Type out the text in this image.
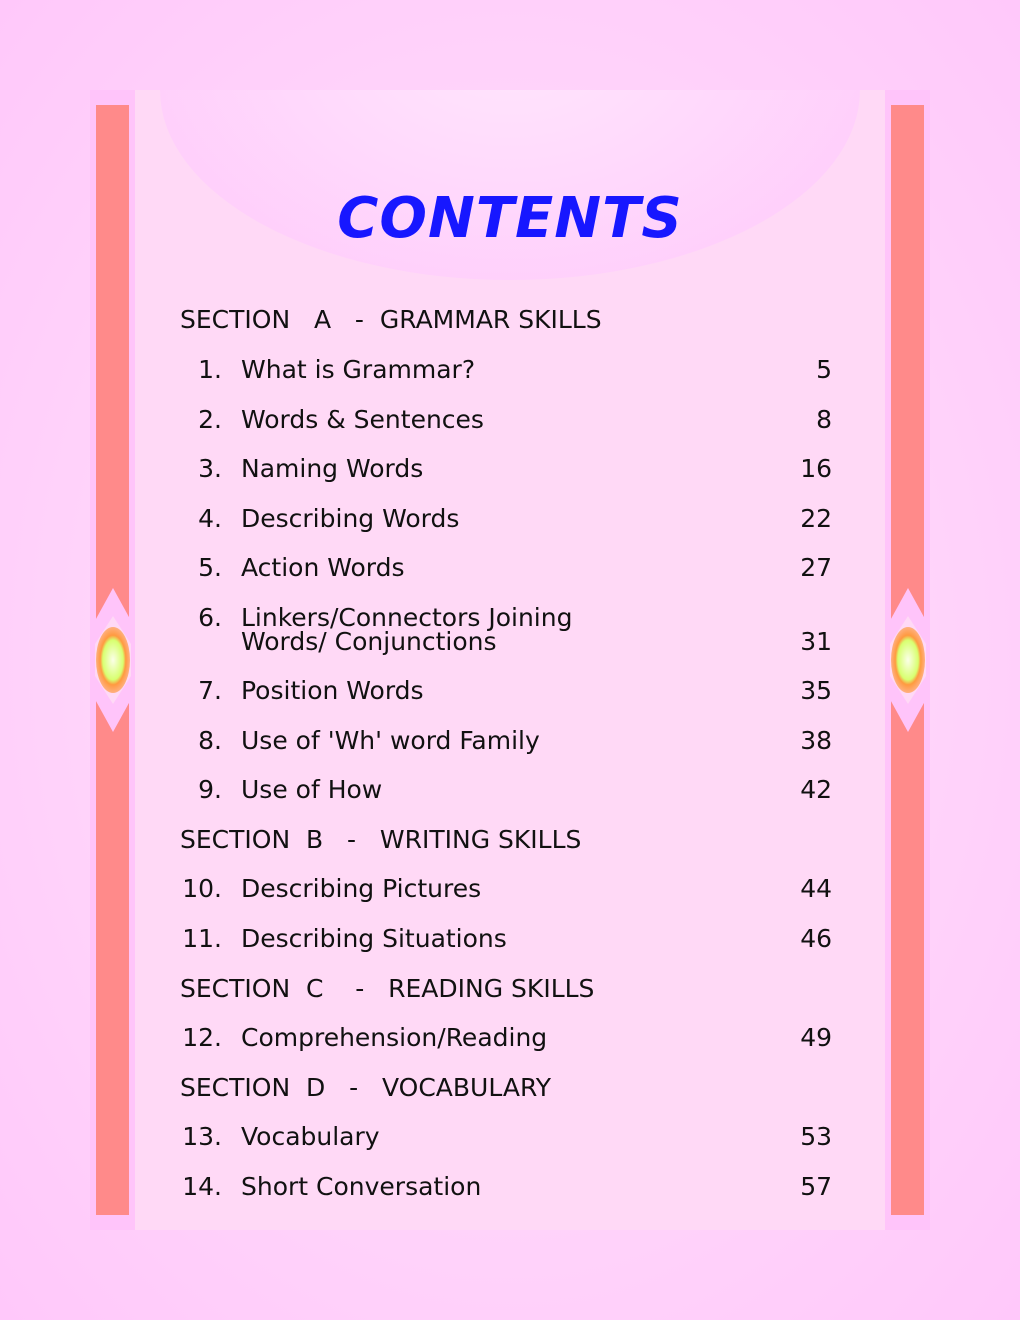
CONTENTS
SECTION   A   -  GRAMMAR SKILLS
SECTION  B   -   WRITING SKILLS
SECTION  C    -   READING SKILLS
SECTION  D   -   VOCABULARY
1. What is Grammar?	5
2. Words & Sentences	8
3. Naming Words	16
4. Describing Words	22
5. Action Words	27
6. Linkers/Connectors Joining
Words/ Conjunctions	31
7. Position Words	35
8. Use of 'Wh' word Family	38
9. Use of How	42
10. Describing Pictures	44
11. Describing Situations	46
12. Comprehension/Reading	49
13. Vocabulary	53
14. Short Conversation	57
